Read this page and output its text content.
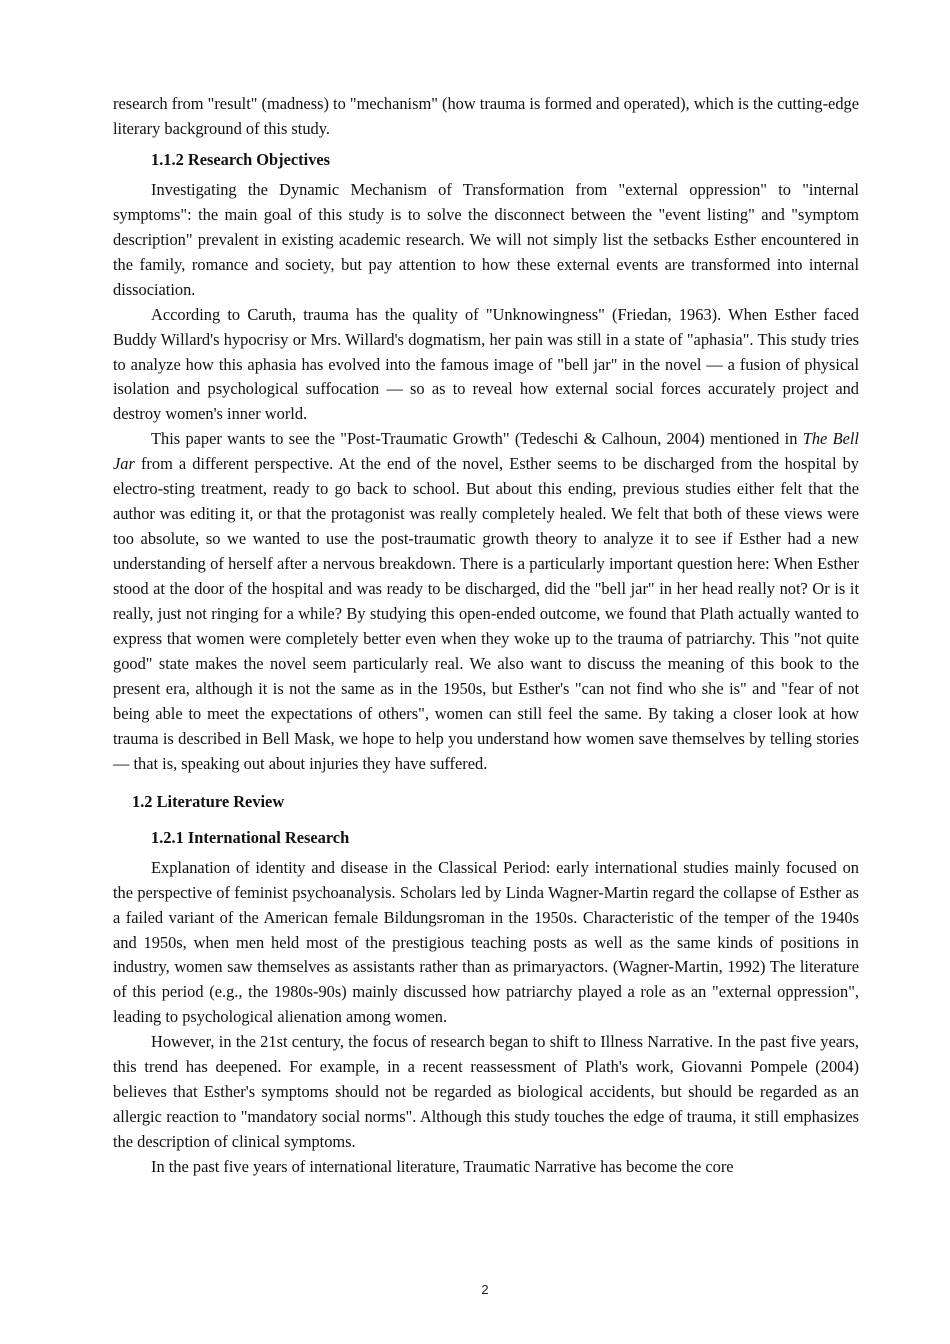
research from "result" (madness) to "mechanism" (how trauma is formed and operated), which is the cutting-edge literary background of this study.

1.1.2 Research Objectives

Investigating the Dynamic Mechanism of Transformation from "external oppression" to "internal symptoms": the main goal of this study is to solve the disconnect between the "event listing" and "symptom description" prevalent in existing academic research. We will not simply list the setbacks Esther encountered in the family, romance and society, but pay attention to how these external events are transformed into internal dissociation.

According to Caruth, trauma has the quality of "Unknowingness" (Friedan, 1963). When Esther faced Buddy Willard's hypocrisy or Mrs. Willard's dogmatism, her pain was still in a state of "aphasia". This study tries to analyze how this aphasia has evolved into the famous image of "bell jar" in the novel — a fusion of physical isolation and psychological suffocation — so as to reveal how external social forces accurately project and destroy women's inner world.

This paper wants to see the "Post-Traumatic Growth" (Tedeschi & Calhoun, 2004) mentioned in The Bell Jar from a different perspective. At the end of the novel, Esther seems to be discharged from the hospital by electro-sting treatment, ready to go back to school. But about this ending, previous studies either felt that the author was editing it, or that the protagonist was really completely healed. We felt that both of these views were too absolute, so we wanted to use the post-traumatic growth theory to analyze it to see if Esther had a new understanding of herself after a nervous breakdown. There is a particularly important question here: When Esther stood at the door of the hospital and was ready to be discharged, did the "bell jar" in her head really not? Or is it really, just not ringing for a while? By studying this open-ended outcome, we found that Plath actually wanted to express that women were completely better even when they woke up to the trauma of patriarchy. This "not quite good" state makes the novel seem particularly real. We also want to discuss the meaning of this book to the present era, although it is not the same as in the 1950s, but Esther's "can not find who she is" and "fear of not being able to meet the expectations of others", women can still feel the same. By taking a closer look at how trauma is described in Bell Mask, we hope to help you understand how women save themselves by telling stories — that is, speaking out about injuries they have suffered.

1.2 Literature Review
1.2.1 International Research

Explanation of identity and disease in the Classical Period: early international studies mainly focused on the perspective of feminist psychoanalysis. Scholars led by Linda Wagner-Martin regard the collapse of Esther as a failed variant of the American female Bildungsroman in the 1950s. Characteristic of the temper of the 1940s and 1950s, when men held most of the prestigious teaching posts as well as the same kinds of positions in industry, women saw themselves as assistants rather than as primaryactors. (Wagner-Martin, 1992) The literature of this period (e.g., the 1980s-90s) mainly discussed how patriarchy played a role as an "external oppression", leading to psychological alienation among women.

However, in the 21st century, the focus of research began to shift to Illness Narrative. In the past five years, this trend has deepened. For example, in a recent reassessment of Plath's work, Giovanni Pompele (2004) believes that Esther's symptoms should not be regarded as biological accidents, but should be regarded as an allergic reaction to "mandatory social norms". Although this study touches the edge of trauma, it still emphasizes the description of clinical symptoms.

In the past five years of international literature, Traumatic Narrative has become the core

2
